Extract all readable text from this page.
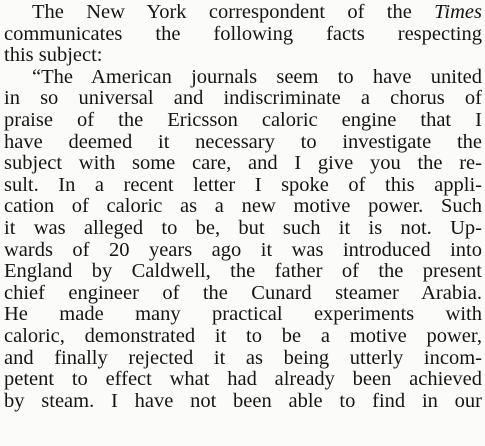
The New York correspondent of the Times
communicates the following facts respecting
this subject:
“The American journals seem to have united
in so universal and indiscriminate a chorus of
praise of the Ericsson caloric engine that I
have deemed it necessary to investigate the
subject with some care, and I give you the re-
sult. In a recent letter I spoke of this appli-
cation of caloric as a new motive power. Such
it was alleged to be, but such it is not. Up-
wards of 20 years ago it was introduced into
England by Caldwell, the father of the present
chief engineer of the Cunard steamer Arabia.
He made many practical experiments with
caloric, demonstrated it to be a motive power,
and finally rejected it as being utterly incom-
petent to effect what had already been achieved
by steam. I have not been able to find in our
